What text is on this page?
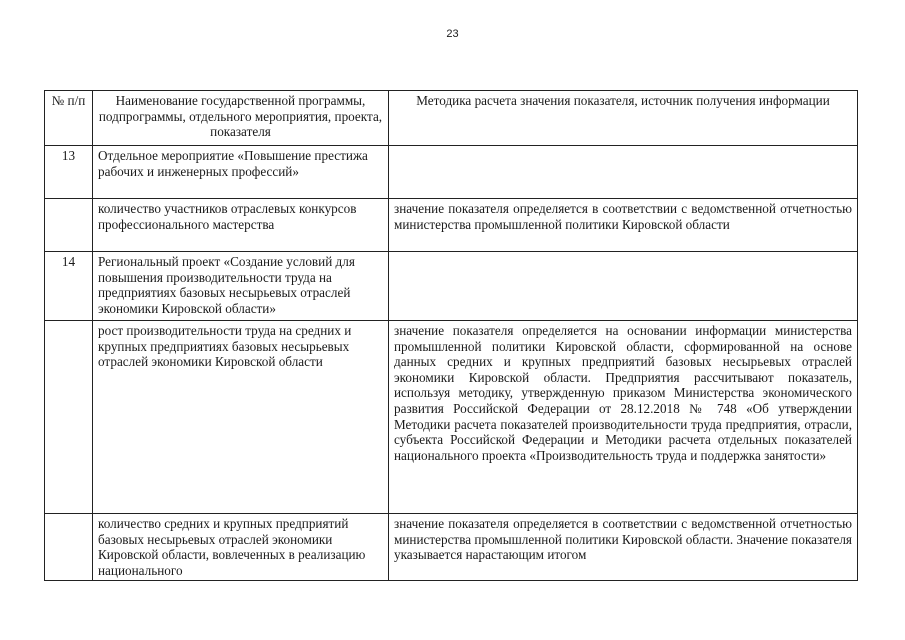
23
№ п/п	Наименование государственной программы, подпрограммы, отдельного мероприятия, проекта, показателя	Методика расчета значения показателя, источник получения информации
13	Отдельное мероприятие «Повышение престижа рабочих и инженерных профессий»	
	количество участников отраслевых конкурсов профессионального мастерства	значение показателя определяется в соответствии с ведомственной отчетностью министерства промышленной политики Кировской области
14	Региональный проект «Создание условий для повышения производительности труда на предприятиях базовых несырьевых отраслей экономики Кировской области»	
	рост производительности труда на средних и крупных предприятиях базовых несырьевых отраслей экономики Кировской области	значение показателя определяется на основании информации министерства промышленной политики Кировской области, сформированной на основе данных средних и крупных предприятий базовых несырьевых отраслей экономики Кировской области. Предприятия рассчитывают показатель, используя методику, утвержденную приказом Министерства экономического развития Российской Федерации от 28.12.2018 № 748 «Об утверждении Методики расчета показателей производительности труда предприятия, отрасли, субъекта Российской Федерации и Методики расчета отдельных показателей национального проекта «Производительность труда и поддержка занятости»

	количество средних и крупных предприятий базовых несырьевых отраслей экономики Кировской области, вовлеченных в реализацию национального	значение показателя определяется в соответствии с ведомственной отчетностью министерства промышленной политики Кировской области. Значение показателя указывается нарастающим итогом
